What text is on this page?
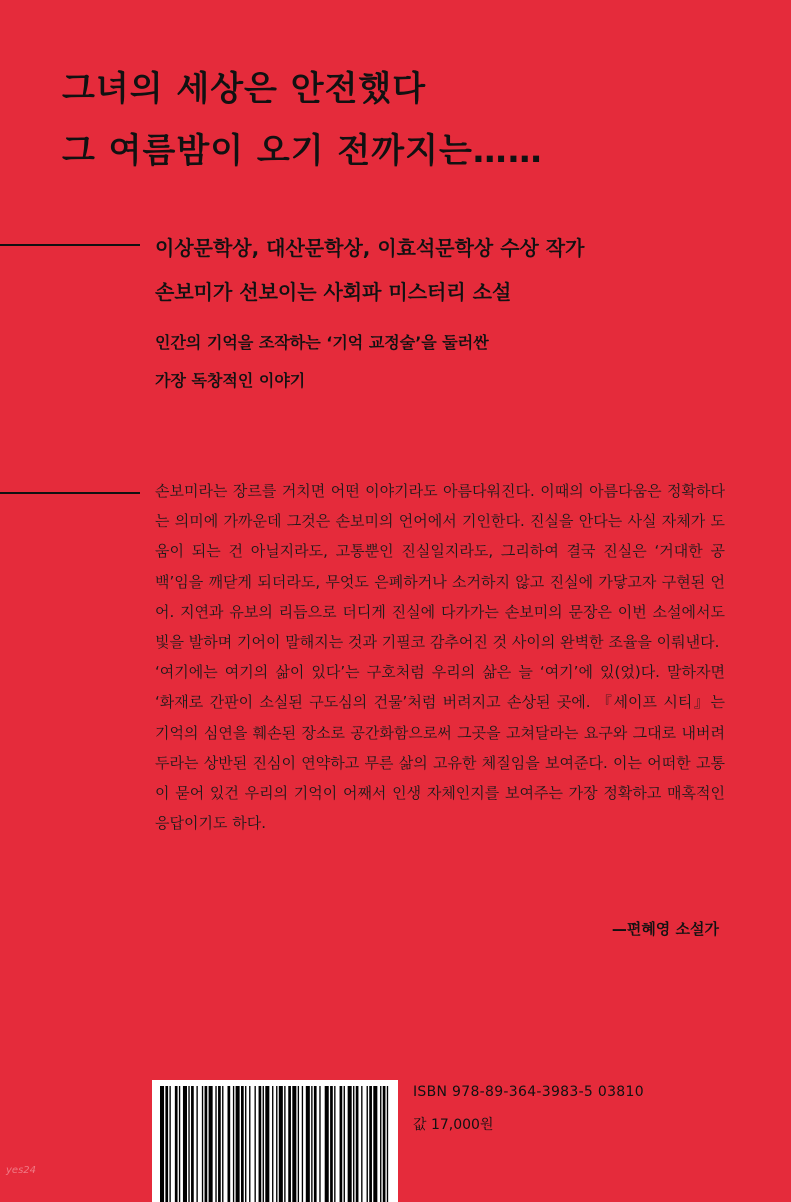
그녀의 세상은 안전했다
그 여름밤이 오기 전까지는……
이상문학상, 대산문학상, 이효석문학상 수상 작가
손보미가 선보이는 사회파 미스터리 소설
인간의 기억을 조작하는 ‘기억 교정술’을 둘러싼
가장 독창적인 이야기

손보미라는 장르를 거치면 어떤 이야기라도 아름다워진다. 이때의 아름다움은 정확하다는 의미에 가까운데 그것은 손보미의 언어에서 기인한다. 진실을 안다는 사실 자체가 도움이 되는 건 아닐지라도, 고통뿐인 진실일지라도, 그리하여 결국 진실은 ‘거대한 공백’임을 깨닫게 되더라도, 무엇도 은폐하거나 소거하지 않고 진실에 가닿고자 구현된 언어. 지연과 유보의 리듬으로 더디게 진실에 다가가는 손보미의 문장은 이번 소설에서도 빛을 발하며 기어이 말해지는 것과 기필코 감추어진 것 사이의 완벽한 조율을 이뤄낸다.

‘여기에는 여기의 삶이 있다’는 구호처럼 우리의 삶은 늘 ‘여기’에 있(었)다. 말하자면 ‘화재로 간판이 소실된 구도심의 건물’처럼 버려지고 손상된 곳에. 『세이프 시티』는 기억의 심연을 훼손된 장소로 공간화함으로써 그곳을 고쳐달라는 요구와 그대로 내버려두라는 상반된 진심이 연약하고 무른 삶의 고유한 체질임을 보여준다. 이는 어떠한 고통이 묻어 있건 우리의 기억이 어째서 인생 자체인지를 보여주는 가장 정확하고 매혹적인 응답이기도 하다.

—편혜영 소설가
ISBN 978-89-364-3983-5 03810
값 17,000원
yes24
